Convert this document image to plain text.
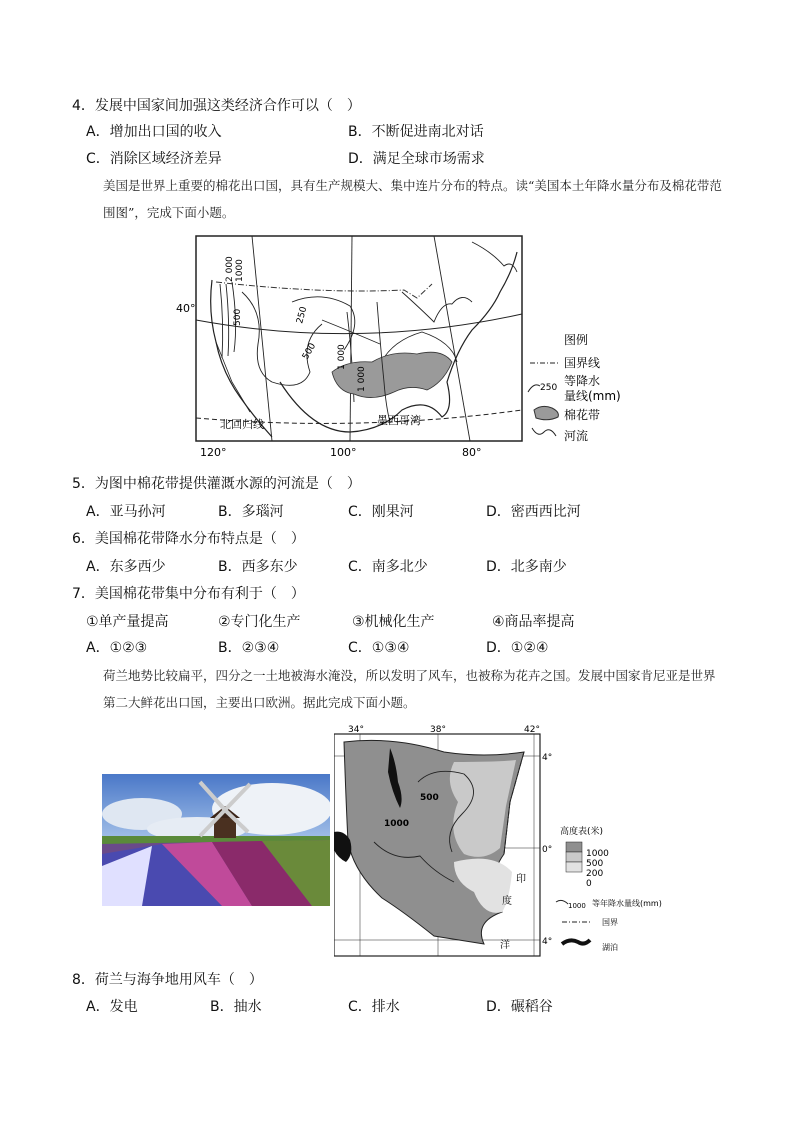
4．发展中国家间加强这类经济合作可以（　）
A．增加出口国的收入	B．不断促进南北对话
C．消除区域经济差异	D．满足全球市场需求
美国是世界上重要的棉花出口国，具有生产规模大、集中连片分布的特点。读“美国本土年降水量分布及棉花带范围图”，完成下面小题。
2 000 1000
500	250
500 1 000
1 000
40°
120°	100°	80°
北回归线	墨西哥湾
图例
国界线
250 等降水
量线(mm)
棉花带
河流
5．为图中棉花带提供灌溉水源的河流是（　）
A．亚马孙河	B．多瑙河	C．刚果河	D．密西西比河
6．美国棉花带降水分布特点是（　）
A．东多西少	B．西多东少	C．南多北少	D．北多南少
7．美国棉花带集中分布有利于（　）
①单产量提高	②专门化生产	③机械化生产	④商品率提高
A．①②③	B．②③④	C．①③④	D．①②④
荷兰地势比较扁平，四分之一土地被海水淹没，所以发明了风车，也被称为花卉之国。发展中国家肯尼亚是世界第二大鲜花出口国，主要出口欧洲。据此完成下面小题。
500
1000
34°	38°	42°
4°
0°
4°
印
度
洋
高度表(米)
1000
500
200
0
1000 等年降水量线(mm)
国界
湖泊
8．荷兰与海争地用风车（　）
A．发电	B．抽水	C．排水	D．碾稻谷
